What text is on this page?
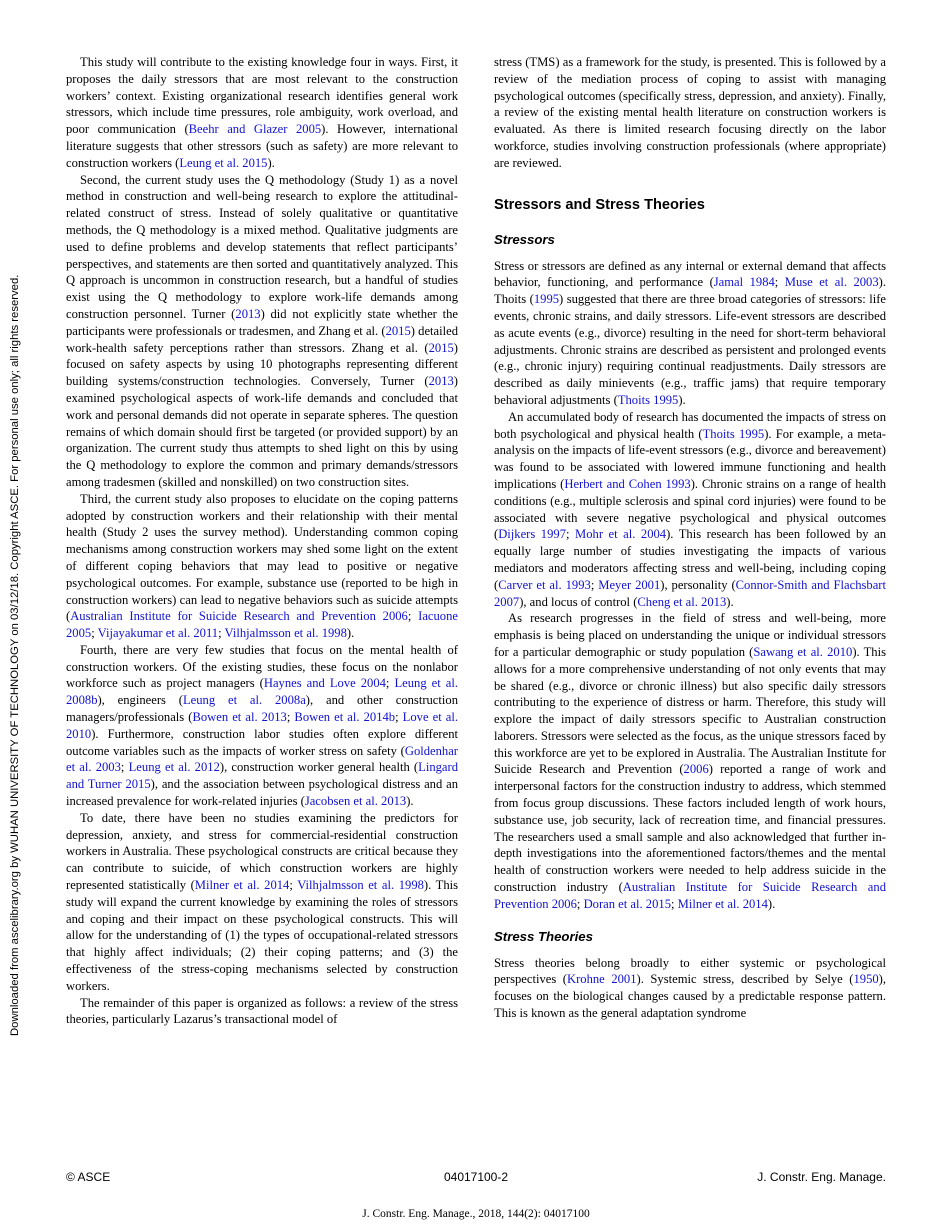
Downloaded from ascelibrary.org by WUHAN UNIVERSITY OF TECHNOLOGY on 03/12/18. Copyright ASCE. For personal use only; all rights reserved.

This study will contribute to the existing knowledge four in ways. First, it proposes the daily stressors that are most relevant to the construction workers’ context. Existing organizational research identifies general work stressors, which include time pressures, role ambiguity, work overload, and poor communication (Beehr and Glazer 2005). However, international literature suggests that other stressors (such as safety) are more relevant to construction workers (Leung et al. 2015).

Second, the current study uses the Q methodology (Study 1) as a novel method in construction and well-being research to explore the attitudinal-related construct of stress. Instead of solely qualitative or quantitative methods, the Q methodology is a mixed method. Qualitative judgments are used to define problems and develop statements that reflect participants’ perspectives, and statements are then sorted and quantitatively analyzed. This Q approach is uncommon in construction research, but a handful of studies exist using the Q methodology to explore work-life demands among construction personnel. Turner (2013) did not explicitly state whether the participants were professionals or tradesmen, and Zhang et al. (2015) detailed work-health safety perceptions rather than stressors. Zhang et al. (2015) focused on safety aspects by using 10 photographs representing different building systems/construction technologies. Conversely, Turner (2013) examined psychological aspects of work-life demands and concluded that work and personal demands did not operate in separate spheres. The question remains of which domain should first be targeted (or provided support) by an organization. The current study thus attempts to shed light on this by using the Q methodology to explore the common and primary demands/stressors among tradesmen (skilled and nonskilled) on two construction sites.

Third, the current study also proposes to elucidate on the coping patterns adopted by construction workers and their relationship with their mental health (Study 2 uses the survey method). Understanding common coping mechanisms among construction workers may shed some light on the extent of different coping behaviors that may lead to positive or negative psychological outcomes. For example, substance use (reported to be high in construction workers) can lead to negative behaviors such as suicide attempts (Australian Institute for Suicide Research and Prevention 2006; Iacuone 2005; Vijayakumar et al. 2011; Vilhjalmsson et al. 1998).

Fourth, there are very few studies that focus on the mental health of construction workers. Of the existing studies, these focus on the nonlabor workforce such as project managers (Haynes and Love 2004; Leung et al. 2008b), engineers (Leung et al. 2008a), and other construction managers/professionals (Bowen et al. 2013; Bowen et al. 2014b; Love et al. 2010). Furthermore, construction labor studies often explore different outcome variables such as the impacts of worker stress on safety (Goldenhar et al. 2003; Leung et al. 2012), construction worker general health (Lingard and Turner 2015), and the association between psychological distress and an increased prevalence for work-related injuries (Jacobsen et al. 2013).

To date, there have been no studies examining the predictors for depression, anxiety, and stress for commercial-residential construction workers in Australia. These psychological constructs are critical because they can contribute to suicide, of which construction workers are highly represented statistically (Milner et al. 2014; Vilhjalmsson et al. 1998). This study will expand the current knowledge by examining the roles of stressors and coping and their impact on these psychological constructs. This will allow for the understanding of (1) the types of occupational-related stressors that highly affect individuals; (2) their coping patterns; and (3) the effectiveness of the stress-coping mechanisms selected by construction workers.

The remainder of this paper is organized as follows: a review of the stress theories, particularly Lazarus’s transactional model of

stress (TMS) as a framework for the study, is presented. This is followed by a review of the mediation process of coping to assist with managing psychological outcomes (specifically stress, depression, and anxiety). Finally, a review of the existing mental health literature on construction workers is evaluated. As there is limited research focusing directly on the labor workforce, studies involving construction professionals (where appropriate) are reviewed.

Stressors and Stress Theories
Stressors

Stress or stressors are defined as any internal or external demand that affects behavior, functioning, and performance (Jamal 1984; Muse et al. 2003). Thoits (1995) suggested that there are three broad categories of stressors: life events, chronic strains, and daily stressors. Life-event stressors are described as acute events (e.g., divorce) resulting in the need for short-term behavioral adjustments. Chronic strains are described as persistent and prolonged events (e.g., chronic injury) requiring continual readjustments. Daily stressors are described as daily minievents (e.g., traffic jams) that require temporary behavioral adjustments (Thoits 1995).

An accumulated body of research has documented the impacts of stress on both psychological and physical health (Thoits 1995). For example, a meta-analysis on the impacts of life-event stressors (e.g., divorce and bereavement) was found to be associated with lowered immune functioning and health implications (Herbert and Cohen 1993). Chronic strains on a range of health conditions (e.g., multiple sclerosis and spinal cord injuries) were found to be associated with severe negative psychological and physical outcomes (Dijkers 1997; Mohr et al. 2004). This research has been followed by an equally large number of studies investigating the impacts of various mediators and moderators affecting stress and well-being, including coping (Carver et al. 1993; Meyer 2001), personality (Connor-Smith and Flachsbart 2007), and locus of control (Cheng et al. 2013).

As research progresses in the field of stress and well-being, more emphasis is being placed on understanding the unique or individual stressors for a particular demographic or study population (Sawang et al. 2010). This allows for a more comprehensive understanding of not only events that may be shared (e.g., divorce or chronic illness) but also specific daily stressors contributing to the experience of distress or harm. Therefore, this study will explore the impact of daily stressors specific to Australian construction laborers. Stressors were selected as the focus, as the unique stressors faced by this workforce are yet to be explored in Australia. The Australian Institute for Suicide Research and Prevention (2006) reported a range of work and interpersonal factors for the construction industry to address, which stemmed from focus group discussions. These factors included length of work hours, substance use, job security, lack of recreation time, and financial pressures. The researchers used a small sample and also acknowledged that further in-depth investigations into the aforementioned factors/themes and the mental health of construction workers were needed to help address suicide in the construction industry (Australian Institute for Suicide Research and Prevention 2006; Doran et al. 2015; Milner et al. 2014).

Stress Theories

Stress theories belong broadly to either systemic or psychological perspectives (Krohne 2001). Systemic stress, described by Selye (1950), focuses on the biological changes caused by a predictable response pattern. This is known as the general adaptation syndrome

© ASCE	04017100-2	J. Constr. Eng. Manage.
J. Constr. Eng. Manage., 2018, 144(2): 04017100
